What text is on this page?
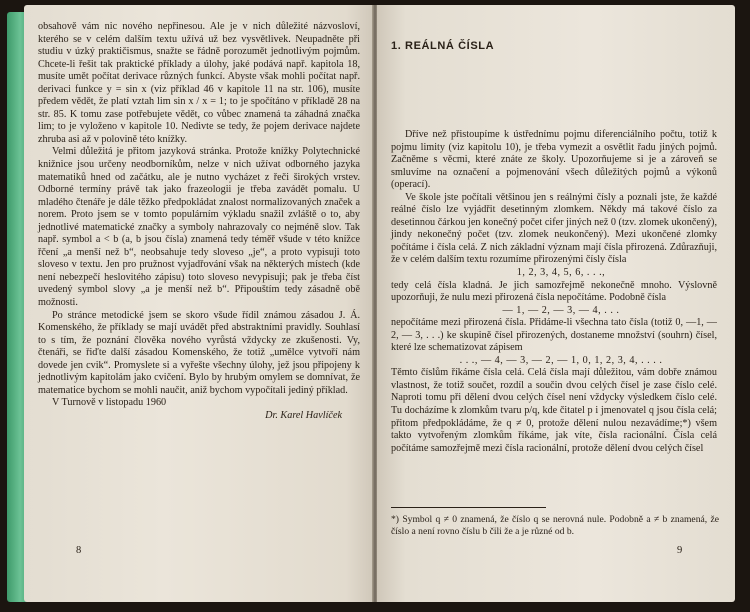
obsahově vám nic nového nepřinesou. Ale je v nich důležité názvosloví, kterého se v celém dalším textu užívá už bez vysvětlivek. Neupadněte při studiu v úzký praktičismus, snažte se řádně porozumět jednotlivým pojmům. Chcete-li řešit tak praktické příklady a úlohy, jaké podává např. kapitola 18, musíte umět počítat derivace různých funkcí. Abyste však mohli počítat např. derivaci funkce y = sin x (viz příklad 46 v kapitole 11 na str. 106), musíte předem vědět, že platí vztah lim sin x / x = 1; to je spočítáno v příkladě 28 na str. 85. K tomu zase potřebujete vědět, co vůbec znamená ta záhadná značka lim; to je vyloženo v kapitole 10. Nedivte se tedy, že pojem derivace najdete zhruba asi až v polovině této knížky.

Velmi důležitá je přitom jazyková stránka. Protože knížky Polytechnické knižnice jsou určeny neodborníkům, nelze v nich užívat odborného jazyka matematiků hned od začátku, ale je nutno vycházet z řeči širokých vrstev. Odborné termíny právě tak jako frazeologii je třeba zavádět pomalu. U mladého čtenáře je dále těžko předpokládat znalost normalizovaných značek a norem. Proto jsem se v tomto populárním výkladu snažil zvláště o to, aby jednotlivé matematické značky a symboly nahrazovaly co nejméně slov. Tak např. symbol a < b (a, b jsou čísla) znamená tedy téměř všude v této knížce řčení „a menší než b“, neobsahuje tedy sloveso „je“, a proto vypisuji toto sloveso v textu. Jen pro pružnost vyjadřování však na některých místech (kde není nebezpečí heslovitého zápisu) toto sloveso nevypisuji; pak je třeba číst uvedený symbol slovy „a je menší než b“. Připouštím tedy zásadně obě možnosti.

Po stránce metodické jsem se skoro všude řídil známou zásadou J. Á. Komenského, že příklady se mají uvádět před abstraktními pravidly. Souhlasí to s tím, že poznání člověka nového vyrůstá vždycky ze zkušenosti. Vy, čtenáři, se řiďte další zásadou Komenského, že totiž „umělce vytvoří nám dovede jen cvik“. Promyslete si a vyřešte všechny úlohy, jež jsou připojeny k jednotlivým kapitolám jako cvičení. Bylo by hrubým omylem se domnívat, že matematice bychom se mohli naučit, aniž bychom vypočítali jediný příklad.

V Turnově v listopadu 1960

Dr. Karel Havlíček

8
1. REÁLNÁ ČÍSLA

Dříve než přistoupíme k ústřednímu pojmu diferenciálního počtu, totiž k pojmu limity (viz kapitolu 10), je třeba vymezit a osvětlit řadu jiných pojmů. Začněme s věcmi, které znáte ze školy. Upozorňujeme si je a zároveň se smluvíme na označení a pojmenování všech důležitých pojmů a výkonů (operací).

Ve škole jste počítali většinou jen s reálnými čísly a poznali jste, že každé reálné číslo lze vyjádřit desetinným zlomkem. Někdy má takové číslo za desetinnou čárkou jen konečný počet cifer jiných než 0 (tzv. zlomek ukončený), jindy nekonečný počet (tzv. zlomek neukončený). Mezi ukončené zlomky počítáme i čísla celá. Z nich základní význam mají čísla přirozená. Zdůrazňuji, že v celém dalším textu rozumíme přirozenými čísly čísla

1, 2, 3, 4, 5, 6, . . .,

tedy celá čísla kladná. Je jich samozřejmě nekonečně mnoho. Výslovně upozorňuji, že nulu mezi přirozená čísla nepočítáme. Podobně čísla

— 1, — 2, — 3, — 4, . . .

nepočítáme mezi přirozená čísla. Přidáme-li všechna tato čísla (totiž 0, —1, — 2, — 3, . . .) ke skupině čísel přirozených, dostaneme množství (souhrn) čísel, které lze schematizovat zápisem

. . ., — 4, — 3, — 2, — 1, 0, 1, 2, 3, 4, . . . .

Těmto číslům říkáme čísla celá. Celá čísla mají důležitou, vám dobře známou vlastnost, že totiž součet, rozdíl a součin dvou celých čísel je zase číslo celé. Naproti tomu při dělení dvou celých čísel není vždycky výsledkem číslo celé. Tu docházíme k zlomkům tvaru p/q, kde čitatel p i jmenovatel q jsou čísla celá; přitom předpokládáme, že q ≠ 0, protože dělení nulou nezavádíme;*) všem takto vytvořeným zlomkům říkáme, jak víte, čísla racionální. Čísla celá počítáme samozřejmě mezi čísla racionální, protože dělení dvou celých čísel

*) Symbol q ≠ 0 znamená, že číslo q se nerovná nule. Podobně a ≠ b znamená, že číslo a není rovno číslu b čili že a je různé od b.
9
